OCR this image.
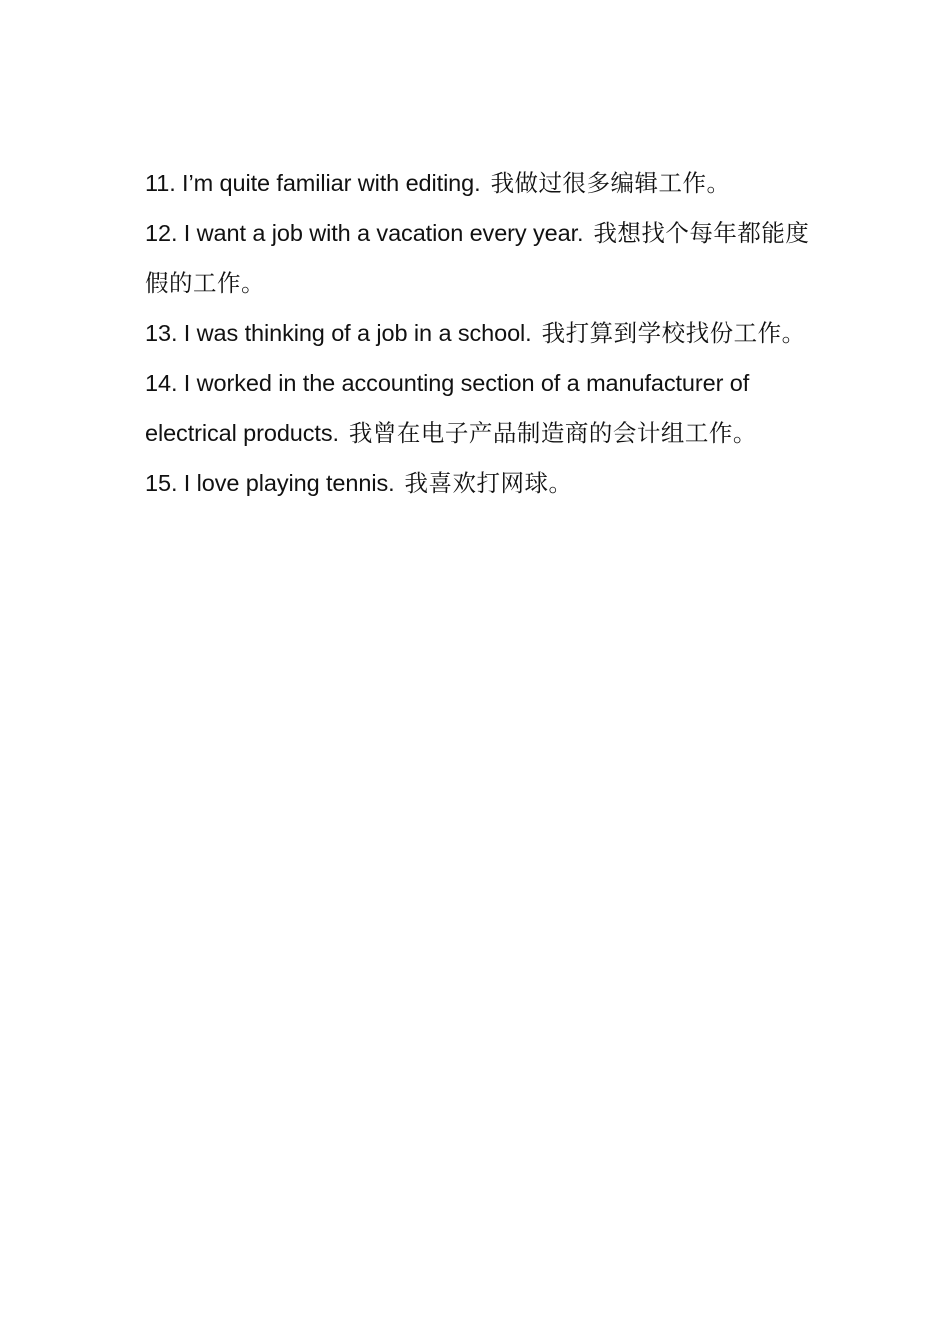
11. I’m quite familiar with editing. 我做过很多编辑工作。

12. I want a job with a vacation every year. 我想找个每年都能度假的工作。

13. I was thinking of a job in a school. 我打算到学校找份工作。

14. I worked in the accounting section of a manufacturer of electrical products. 我曾在电子产品制造商的会计组工作。

15. I love playing tennis. 我喜欢打网球。
